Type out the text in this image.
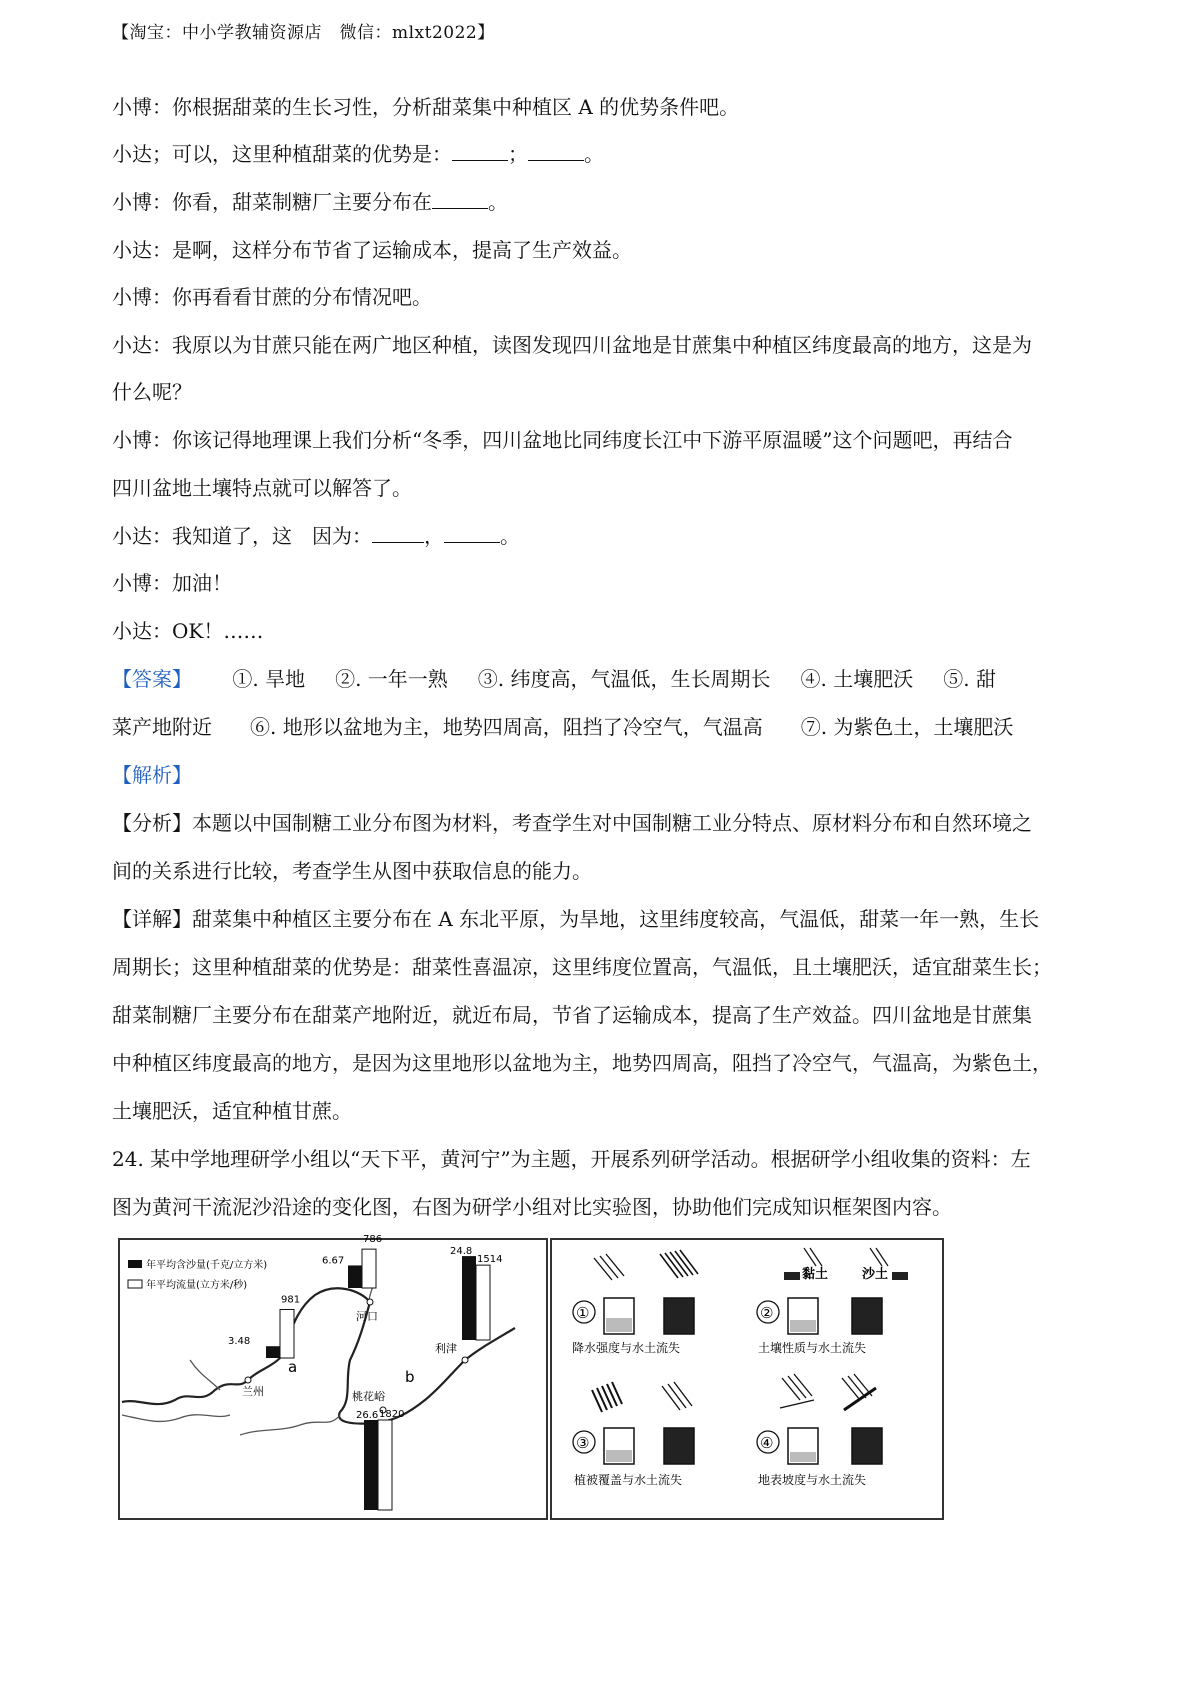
【淘宝：中小学教辅资源店　微信：mlxt2022】
小博：你根据甜菜的生长习性，分析甜菜集中种植区 A 的优势条件吧。
小达；可以，这里种植甜菜的优势是：	；	。
小博：你看，甜菜制糖厂主要分布在	。
小达：是啊，这样分布节省了运输成本，提高了生产效益。
小博：你再看看甘蔗的分布情况吧。
小达：我原以为甘蔗只能在两广地区种植，读图发现四川盆地是甘蔗集中种植区纬度最高的地方，这是为
什么呢？
小博：你该记得地理课上我们分析“冬季，四川盆地比同纬度长江中下游平原温暖”这个问题吧，再结合
四川盆地土壤特点就可以解答了。
小达：我知道了，这　因为：	，	。
小博：加油！
小达：OK！……
【答案】 ①. 旱地 ②. 一年一熟 ③. 纬度高，气温低，生长周期长 ④. 土壤肥沃 ⑤. 甜
菜产地附近 ⑥. 地形以盆地为主，地势四周高，阻挡了冷空气，气温高 ⑦. 为紫色土，土壤肥沃
【解析】
【分析】本题以中国制糖工业分布图为材料，考查学生对中国制糖工业分特点、原材料分布和自然环境之
间的关系进行比较，考查学生从图中获取信息的能力。
【详解】甜菜集中种植区主要分布在 A 东北平原，为旱地，这里纬度较高，气温低，甜菜一年一熟，生长
周期长；这里种植甜菜的优势是：甜菜性喜温凉，这里纬度位置高，气温低，且土壤肥沃，适宜甜菜生长；
甜菜制糖厂主要分布在甜菜产地附近，就近布局，节省了运输成本，提高了生产效益。四川盆地是甘蔗集
中种植区纬度最高的地方，是因为这里地形以盆地为主，地势四周高，阻挡了冷空气，气温高，为紫色土，
土壤肥沃，适宜种植甘蔗。
24. 某中学地理研学小组以“天下平，黄河宁”为主题，开展系列研学活动。根据研学小组收集的资料：左
图为黄河干流泥沙沿途的变化图，右图为研学小组对比实验图，协助他们完成知识框架图内容。
年平均含沙量(千克/立方米)
年平均流量(立方米/秒)
兰州
河口
桃花峪
利津
a
b
3.48
981
6.67
786
26.6 1820
24.8
1514
①
降水强度与水土流失
黏土	沙土
②
土壤性质与水土流失
③
植被覆盖与水土流失
④
地表坡度与水土流失
